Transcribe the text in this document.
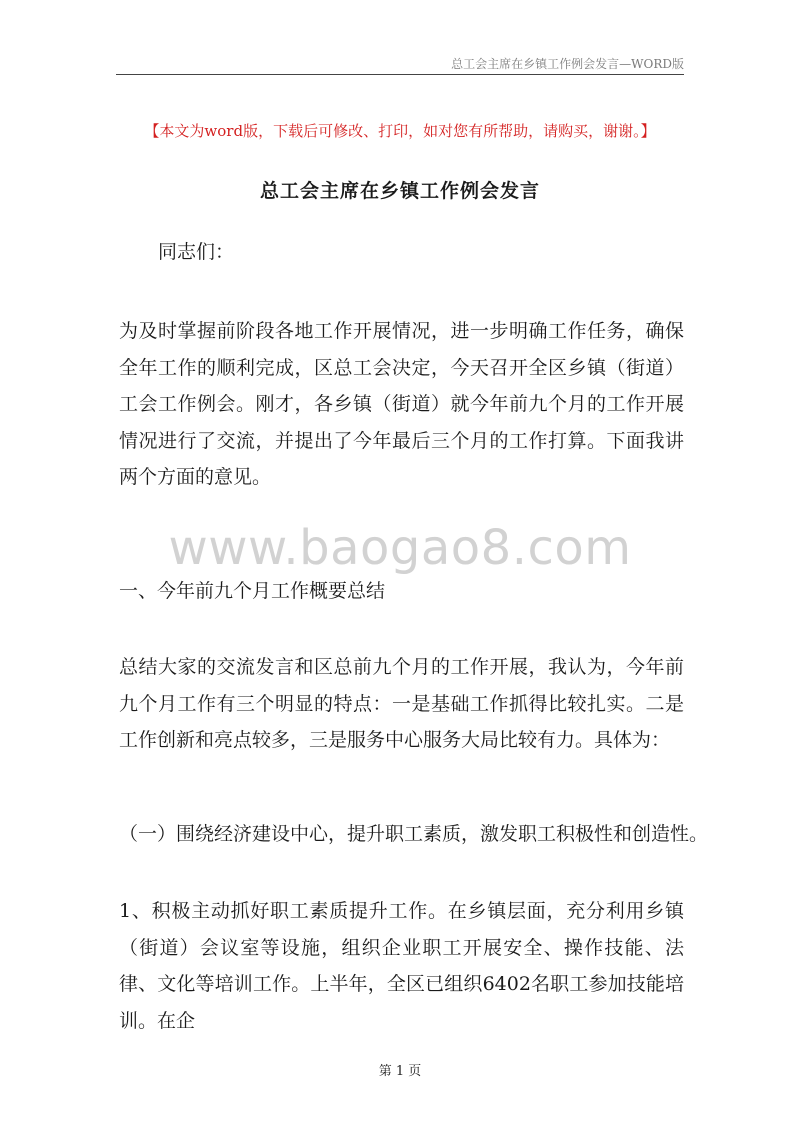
总工会主席在乡镇工作例会发言—WORD版
【本文为word版，下载后可修改、打印，如对您有所帮助，请购买，谢谢。】
总工会主席在乡镇工作例会发言

同志们：

为及时掌握前阶段各地工作开展情况，进一步明确工作任务，确保全年工作的顺利完成，区总工会决定，今天召开全区乡镇（街道）工会工作例会。刚才，各乡镇（街道）就今年前九个月的工作开展情况进行了交流，并提出了今年最后三个月的工作打算。下面我讲两个方面的意见。

www.baogao8.com

一、今年前九个月工作概要总结

总结大家的交流发言和区总前九个月的工作开展，我认为，今年前九个月工作有三个明显的特点：一是基础工作抓得比较扎实。二是工作创新和亮点较多，三是服务中心服务大局比较有力。具体为：

（一）围绕经济建设中心，提升职工素质，激发职工积极性和创造性。

1、积极主动抓好职工素质提升工作。在乡镇层面，充分利用乡镇（街道）会议室等设施，组织企业职工开展安全、操作技能、法律、文化等培训工作。上半年，全区已组织6402名职工参加技能培训。在企

第 1 页
